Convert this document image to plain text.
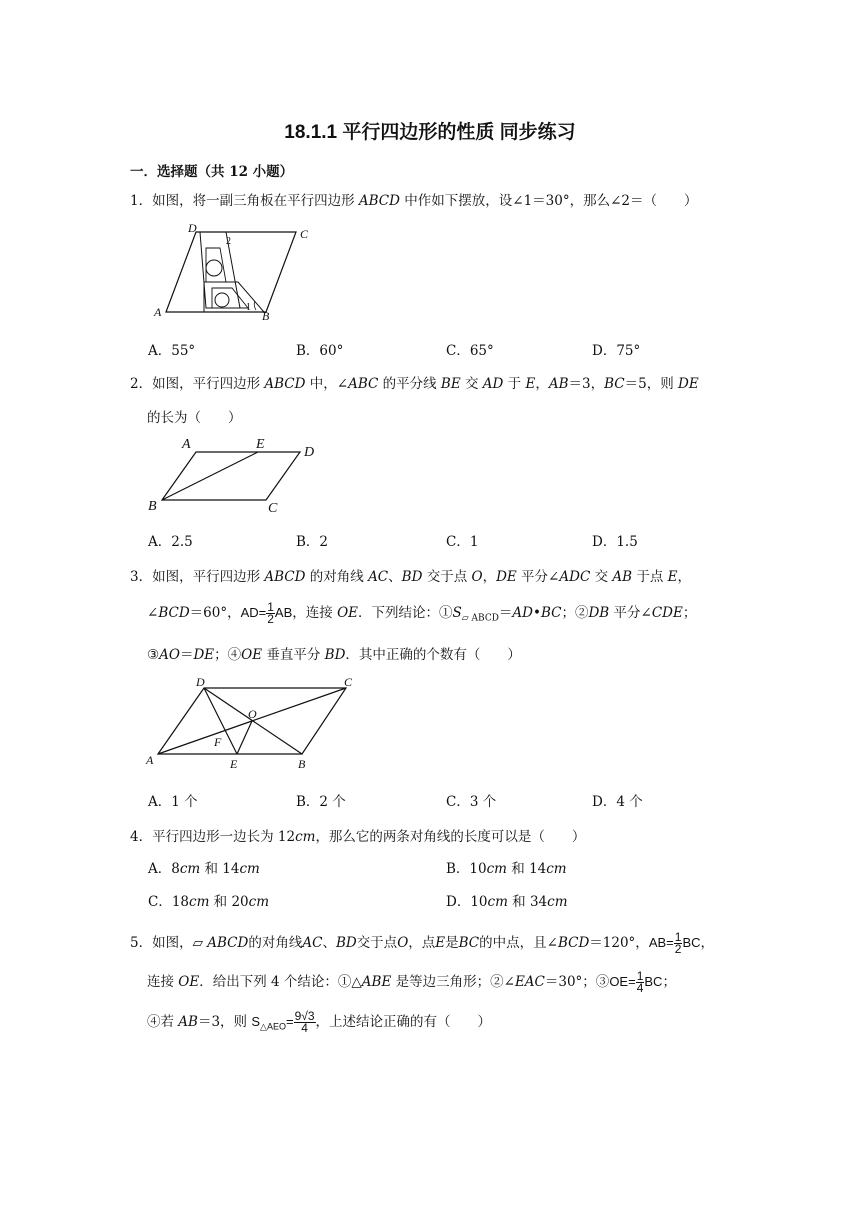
18.1.1 平行四边形的性质 同步练习
一．选择题（共 12 小题）
1．如图，将一副三角板在平行四边形 ABCD 中作如下摆放，设∠1＝30°，那么∠2＝（　　）
A	B
C
D
1
2
A．55°	B．60°	C．65°	D．75°
2．如图，平行四边形 ABCD 中，∠ABC 的平分线 BE 交 AD 于 E，AB＝3，BC＝5，则 DE
的长为（　　）
A	E
D
B	C
A．2.5	B．2	C．1	D．1.5
3．如图，平行四边形 ABCD 的对角线 AC、BD 交于点 O，DE 平分∠ADC 交 AB 于点 E，
∠BCD＝60°，$AD= \frac{1}{2}$ AB，连接 OE．下列结论：$①S_{▱ ABCD}=AD•BC$；②DB 平分∠CDE；
③AO＝DE；④OE 垂直平分 BD．其中正确的个数有（　　）
A	B
C
D
E
F
O
A．1 个	B．2 个	C．3 个	D．4 个
4．平行四边形一边长为 12cm，那么它的两条对角线的长度可以是（　　）
A．8cm 和 14cm	B．10cm 和 14cm
C．18cm 和 20cm	D．10cm 和 34cm
5．如图，▱ ABCD的对角线AC、BD交于点O，点E是BC的中点，且∠BCD＝120°，$AB= \frac{1}{2}$ BC，
连接 OE．给出下列 4 个结论：①△ABE 是等边三角形；②∠EAC＝30°；③OE= $\frac{1}{4}$ BC；
④若 AB＝3，则 $S_{\triangle AEO}= \frac{9√3}{4}$ ，上述结论正确的有（　　）
